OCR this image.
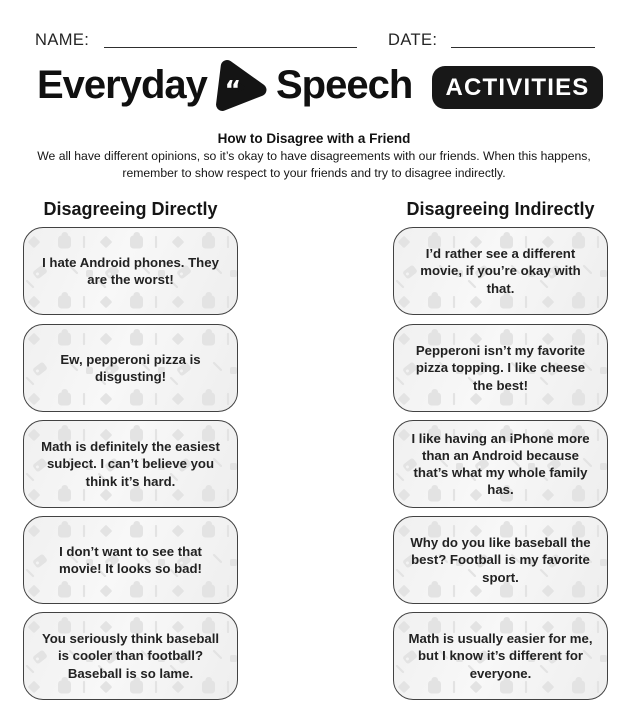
NAME:	DATE:
Everyday “ Speech ACTIVITIES
How to Disagree with a Friend
We all have different opinions, so it’s okay to have disagreements with our friends. When this happens,
remember to show respect to your friends and try to disagree indirectly.
Disagreeing Directly	Disagreeing Indirectly
I hate Android phones. They are the worst!
Ew, pepperoni pizza is disgusting!
Math is definitely the easiest subject. I can’t believe you think it’s hard.
I don’t want to see that movie! It looks so bad!
You seriously think baseball is cooler than football? Baseball is so lame.
I’d rather see a different movie, if you’re okay with that.
Pepperoni isn’t my favorite pizza topping. I like cheese the best!
I like having an iPhone more than an Android because that’s what my whole family has.
Why do you like baseball the best? Football is my favorite sport.
Math is usually easier for me, but I know it’s different for everyone.
